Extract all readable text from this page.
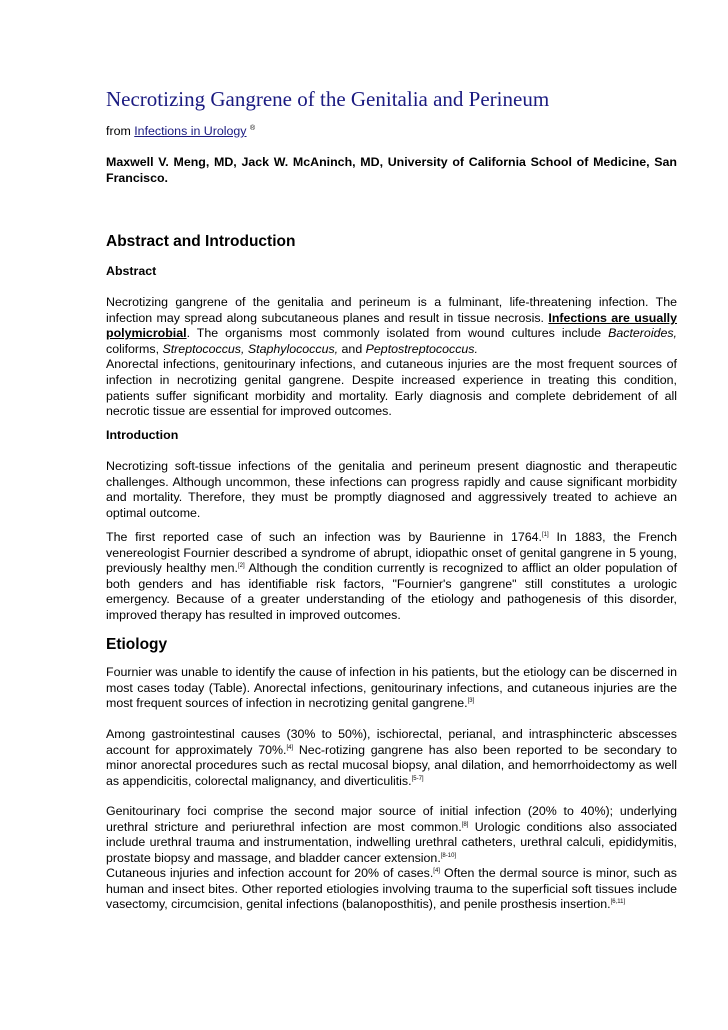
Necrotizing Gangrene of the Genitalia and Perineum

from Infections in Urology ®

Maxwell V. Meng, MD, Jack W. McAninch, MD, University of California School of Medicine, San Francisco.

Abstract and Introduction
Abstract
Necrotizing gangrene of the genitalia and perineum is a fulminant, life-threatening infection. The infection may spread along subcutaneous planes and result in tissue necrosis. Infections are usually polymicrobial. The organisms most commonly isolated from wound cultures include Bacteroides, coliforms, Streptococcus, Staphylococcus, and Peptostreptococcus.
Anorectal infections, genitourinary infections, and cutaneous injuries are the most frequent sources of infection in necrotizing genital gangrene. Despite increased experience in treating this condition, patients suffer significant morbidity and mortality. Early diagnosis and complete debridement of all necrotic tissue are essential for improved outcomes.
Introduction

Necrotizing soft-tissue infections of the genitalia and perineum present diagnostic and therapeutic challenges. Although uncommon, these infections can progress rapidly and cause significant morbidity and mortality. Therefore, they must be promptly diagnosed and aggressively treated to achieve an optimal outcome.

The first reported case of such an infection was by Baurienne in 1764.[1] In 1883, the French venereologist Fournier described a syndrome of abrupt, idiopathic onset of genital gangrene in 5 young, previously healthy men.[2] Although the condition currently is recognized to afflict an older population of both genders and has identifiable risk factors, "Fournier's gangrene" still constitutes a urologic emergency. Because of a greater understanding of the etiology and pathogenesis of this disorder, improved therapy has resulted in improved outcomes.

Etiology

Fournier was unable to identify the cause of infection in his patients, but the etiology can be discerned in most cases today (Table). Anorectal infections, genitourinary infections, and cutaneous injuries are the most frequent sources of infection in necrotizing genital gangrene.[3]

Among gastrointestinal causes (30% to 50%), ischiorectal, perianal, and intrasphincteric abscesses account for approximately 70%.[4] Nec-rotizing gangrene has also been reported to be secondary to minor anorectal procedures such as rectal mucosal biopsy, anal dilation, and hemorrhoidectomy as well as appendicitis, colorectal malignancy, and diverticulitis.[5-7]

Genitourinary foci comprise the second major source of initial infection (20% to 40%); underlying urethral stricture and periurethral infection are most common.[8] Urologic conditions also associated include urethral trauma and instrumentation, indwelling urethral catheters, urethral calculi, epididymitis, prostate biopsy and massage, and bladder cancer extension.[8-10]

Cutaneous injuries and infection account for 20% of cases.[4] Often the dermal source is minor, such as human and insect bites. Other reported etiologies involving trauma to the superficial soft tissues include vasectomy, circumcision, genital infections (balanoposthitis), and penile prosthesis insertion.[6,11]
